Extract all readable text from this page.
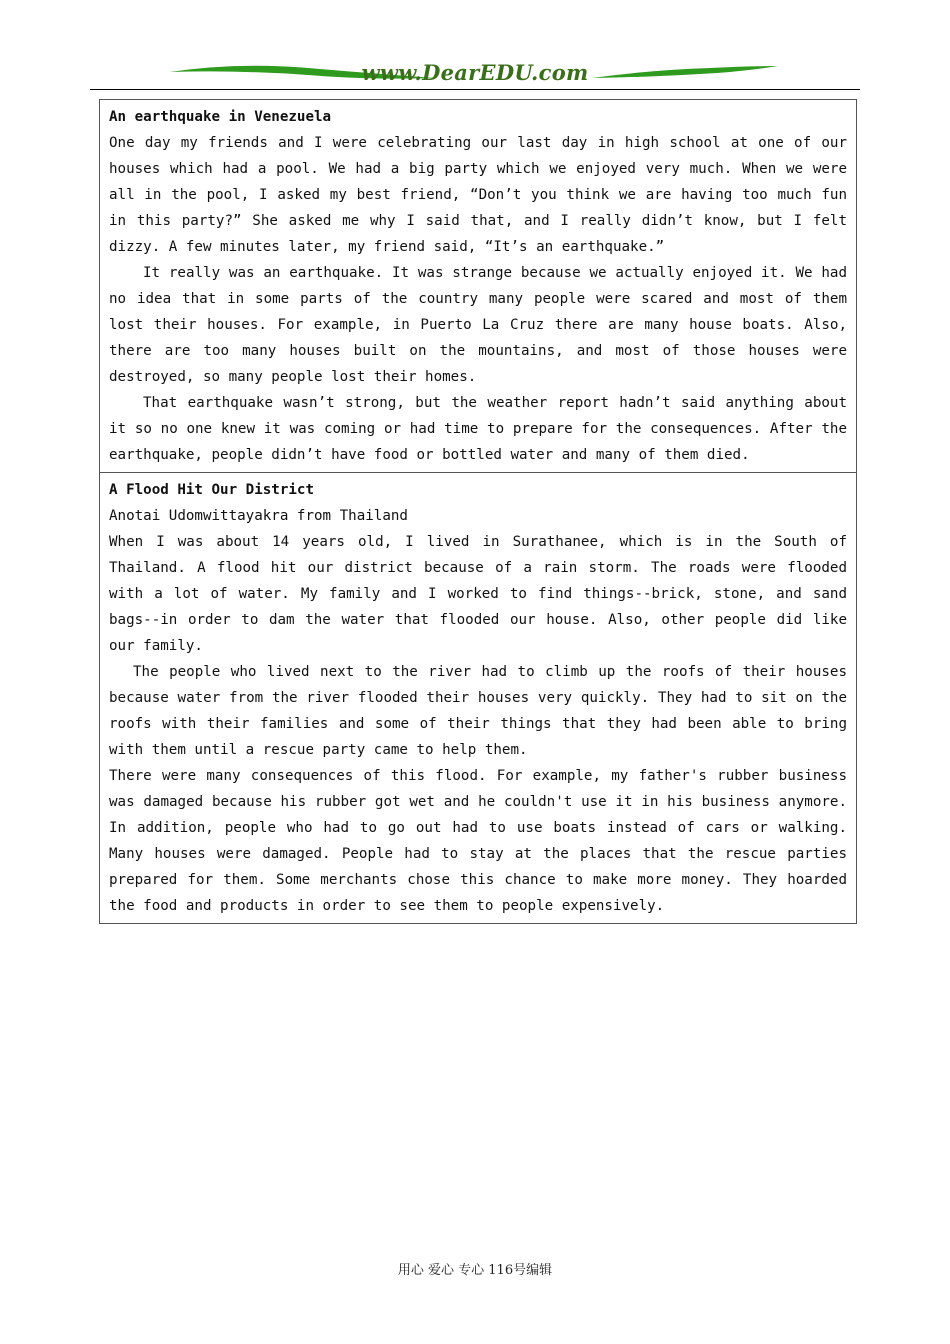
www.DearEDU.com

An earthquake in Venezuela

One day my friends and I were celebrating our last day in high school at one of our houses which had a pool. We had a big party which we enjoyed very much. When we were all in the pool, I asked my best friend, “Don’t you think we are having too much fun in this party?” She asked me why I said that, and I really didn’t know, but I felt dizzy. A few minutes later, my friend said, “It’s an earthquake.”

It really was an earthquake. It was strange because we actually enjoyed it. We had no idea that in some parts of the country many people were scared and most of them lost their houses. For example, in Puerto La Cruz there are many house boats. Also, there are too many houses built on the mountains, and most of those houses were destroyed, so many people lost their homes.

That earthquake wasn’t strong, but the weather report hadn’t said anything about it so no one knew it was coming or had time to prepare for the consequences. After the earthquake, people didn’t have food or bottled water and many of them died.

A Flood Hit Our District

Anotai Udomwittayakra from Thailand

When I was about 14 years old, I lived in Surathanee, which is in the South of Thailand. A flood hit our district because of a rain storm. The roads were flooded with a lot of water. My family and I worked to find things--brick, stone, and sand bags--in order to dam the water that flooded our house. Also, other people did like our family.

The people who lived next to the river had to climb up the roofs of their houses because water from the river flooded their houses very quickly. They had to sit on the roofs with their families and some of their things that they had been able to bring with them until a rescue party came to help them.

There were many consequences of this flood. For example, my father's rubber business was damaged because his rubber got wet and he couldn't use it in his business anymore. In addition, people who had to go out had to use boats instead of cars or walking. Many houses were damaged. People had to stay at the places that the rescue parties prepared for them. Some merchants chose this chance to make more money. They hoarded the food and products in order to see them to people expensively.

用心 爱心 专心 116号编辑
